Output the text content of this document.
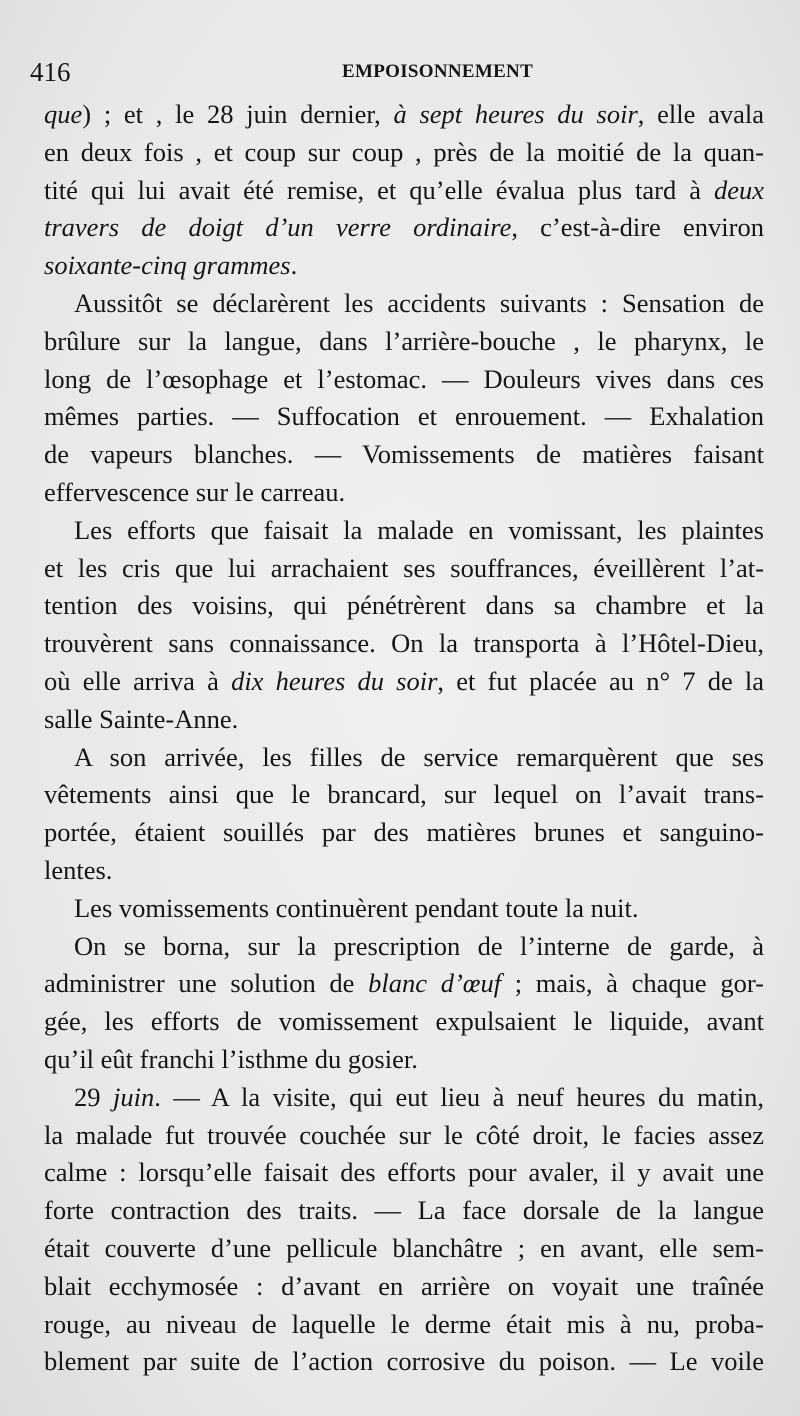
416	EMPOISONNEMENT
que) ; et , le 28 juin dernier, à sept heures du soir, elle avala
en deux fois , et coup sur coup , près de la moitié de la quan-
tité qui lui avait été remise, et qu’elle évalua plus tard à deux
travers de doigt d’un verre ordinaire, c’est-à-dire environ
soixante-cinq grammes.
Aussitôt se déclarèrent les accidents suivants : Sensation de
brûlure sur la langue, dans l’arrière-bouche , le pharynx, le
long de l’œsophage et l’estomac. — Douleurs vives dans ces
mêmes parties. — Suffocation et enrouement. — Exhalation
de vapeurs blanches. — Vomissements de matières faisant
effervescence sur le carreau.
Les efforts que faisait la malade en vomissant, les plaintes
et les cris que lui arrachaient ses souffrances, éveillèrent l’at-
tention des voisins, qui pénétrèrent dans sa chambre et la
trouvèrent sans connaissance. On la transporta à l’Hôtel-Dieu,
où elle arriva à dix heures du soir, et fut placée au n° 7 de la
salle Sainte-Anne.
A son arrivée, les filles de service remarquèrent que ses
vêtements ainsi que le brancard, sur lequel on l’avait trans-
portée, étaient souillés par des matières brunes et sanguino-
lentes.
Les vomissements continuèrent pendant toute la nuit.
On se borna, sur la prescription de l’interne de garde, à
administrer une solution de blanc d’œuf ; mais, à chaque gor-
gée, les efforts de vomissement expulsaient le liquide, avant
qu’il eût franchi l’isthme du gosier.
29 juin. — A la visite, qui eut lieu à neuf heures du matin,
la malade fut trouvée couchée sur le côté droit, le facies assez
calme : lorsqu’elle faisait des efforts pour avaler, il y avait une
forte contraction des traits. — La face dorsale de la langue
était couverte d’une pellicule blanchâtre ; en avant, elle sem-
blait ecchymosée : d’avant en arrière on voyait une traînée
rouge, au niveau de laquelle le derme était mis à nu, proba-
blement par suite de l’action corrosive du poison. — Le voile
